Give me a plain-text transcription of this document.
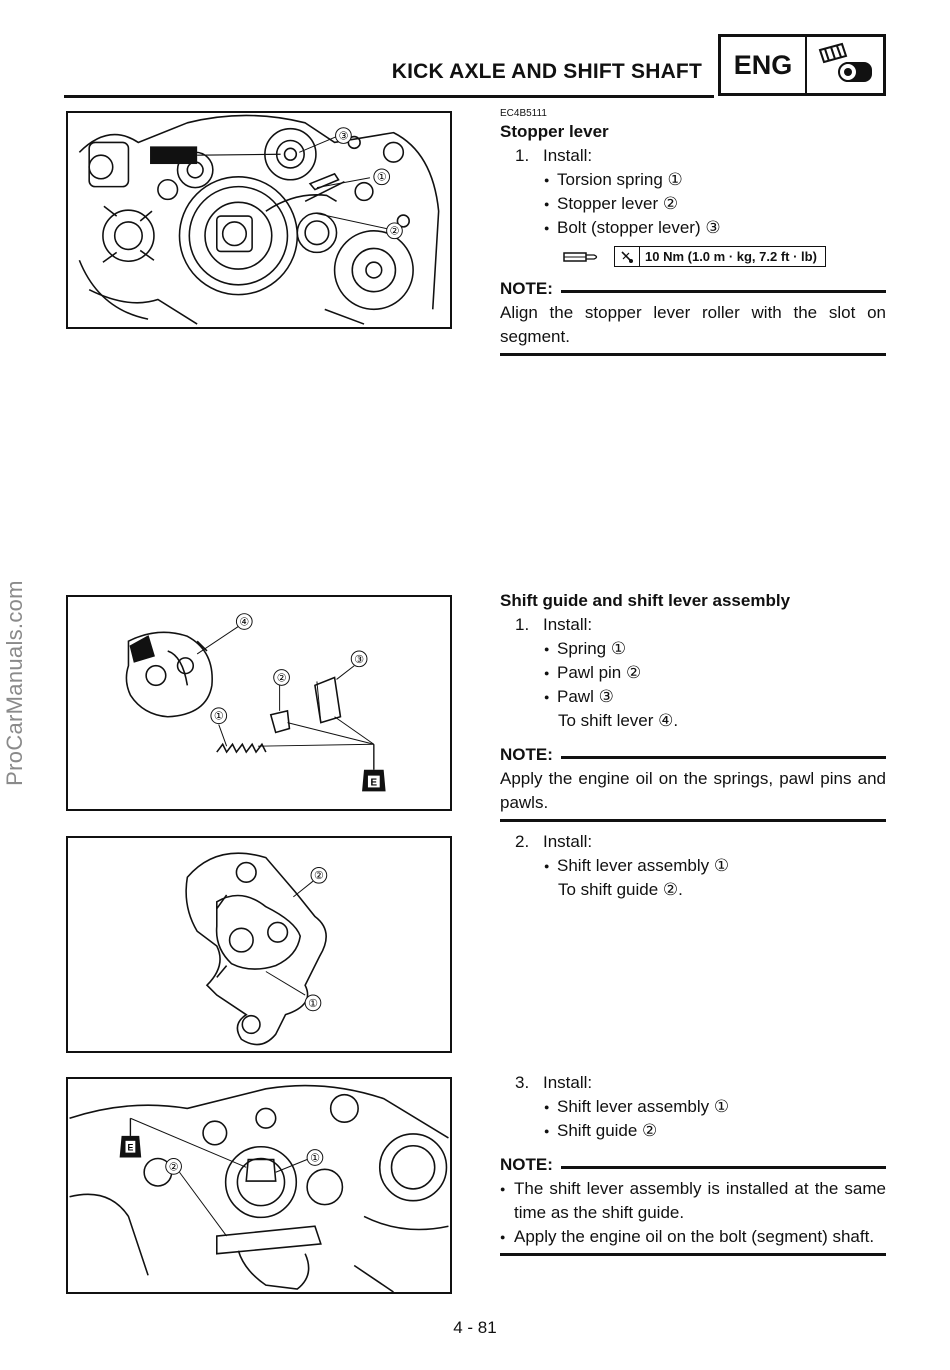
KICK AXLE AND SHIFT SHAFT	ENG
ProCarManuals.com
③
①
②
EC4B5111
Stopper lever
1. Install:
● Torsion spring ①
● Stopper lever ②
● Bolt (stopper lever) ③
10 Nm (1.0 m · kg, 7.2 ft · lb)
NOTE:
Align the stopper lever roller with the slot on segment.
E
④
③
②
①
Shift guide and shift lever assembly
1. Install:
● Spring ①
● Pawl pin ②
● Pawl ③
To shift lever ④.
NOTE:
Apply the engine oil on the springs, pawl pins and pawls.
②
①
2. Install:
● Shift lever assembly ①
To shift guide ②.
E
②
①
3. Install:
● Shift lever assembly ①
● Shift guide ②
NOTE:
● The shift lever assembly is installed at the same time as the shift guide.
● Apply the engine oil on the bolt (segment) shaft.
4 - 81
